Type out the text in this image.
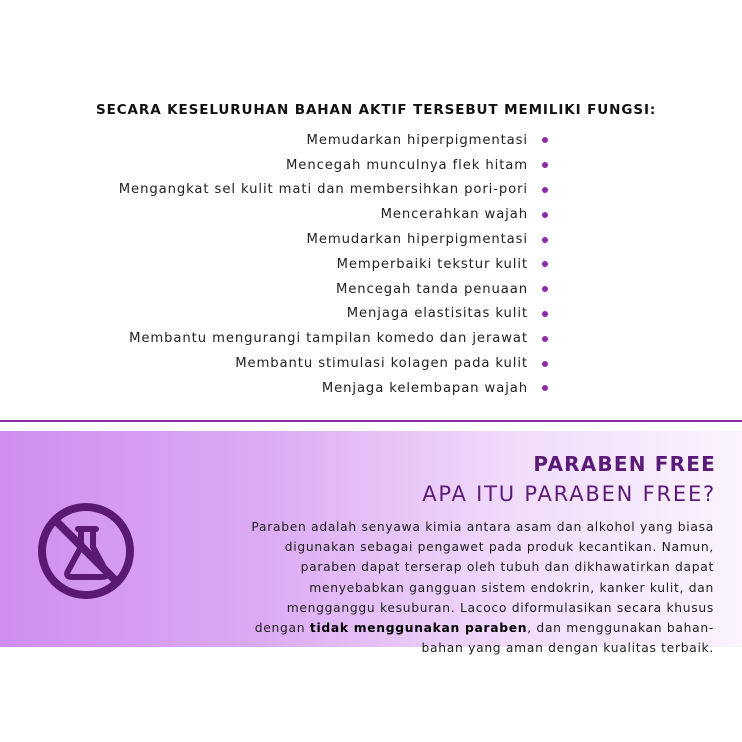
SECARA KESELURUHAN BAHAN AKTIF TERSEBUT MEMILIKI FUNGSI:
Memudarkan hiperpigmentasi
Mencegah munculnya flek hitam
Mengangkat sel kulit mati dan membersihkan pori-pori
Mencerahkan wajah
Memudarkan hiperpigmentasi
Memperbaiki tekstur kulit
Mencegah tanda penuaan
Menjaga elastisitas kulit
Membantu mengurangi tampilan komedo dan jerawat
Membantu stimulasi kolagen pada kulit
Menjaga kelembapan wajah
PARABEN FREE
APA ITU PARABEN FREE?
Paraben adalah senyawa kimia antara asam dan alkohol yang biasa digunakan sebagai pengawet pada produk kecantikan. Namun, paraben dapat terserap oleh tubuh dan dikhawatirkan dapat menyebabkan gangguan sistem endokrin, kanker kulit, dan mengganggu kesuburan. Lacoco diformulasikan secara khusus dengan tidak menggunakan paraben, dan menggunakan bahan-bahan yang aman dengan kualitas terbaik.
